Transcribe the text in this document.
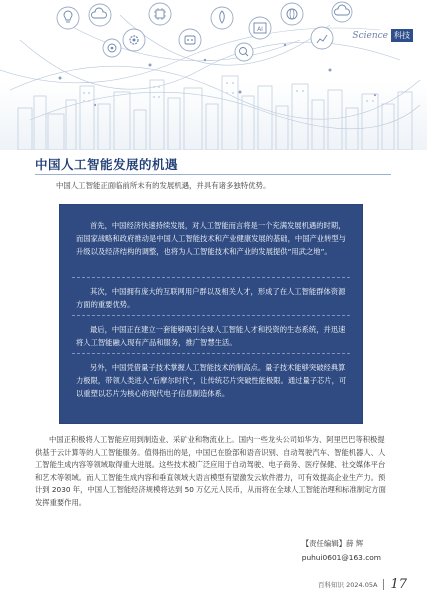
AI
Science 科技
中国人工智能发展的机遇
中国人工智能正面临前所未有的发展机遇，并具有诸多独特优势。

首先，中国经济快速持续发展，对人工智能而言将是一个充满发展机遇的时期，而国家战略和政府推动是中国人工智能技术和产业健康发展的基础，中国产业转型与升级以及经济结构的调整，也将为人工智能技术和产业的发展提供“用武之地”。

其次，中国拥有庞大的互联网用户群以及相关人才，形成了在人工智能群体资源方面的重要优势。

最后，中国正在建立一套能够吸引全球人工智能人才和投资的生态系统，并迅速将人工智能融入现有产品和服务，推广智慧生活。

另外，中国凭借量子技术掌握人工智能技术的制高点。量子技术能够突破经典算力极限，带领人类进入“后摩尔时代”，让传统芯片突破性能极限。通过量子芯片，可以重塑以芯片为核心的现代电子信息制造体系。

中国正积极将人工智能应用到制造业、采矿业和物流业上。国内一些龙头公司如华为、阿里巴巴等积极提供基于云计算等的人工智能服务。值得指出的是，中国已在脸部和语音识别、自动驾驶汽车、智能机器人、人工智能生成内容等领域取得重大进展。这些技术被广泛应用于自动驾驶、电子商务、医疗保健、社交媒体平台和艺术等领域。而人工智能生成内容和垂直领域大语言模型有望激发云软件潜力，可有效提高企业生产力。预计到 2030 年，中国人工智能经济规模将达到 50 万亿元人民币，从而将在全球人工智能治理和标准制定方面发挥重要作用。

【责任编辑】薛 辉
puhui0601@163.com
百科知识 2024.05A 17
